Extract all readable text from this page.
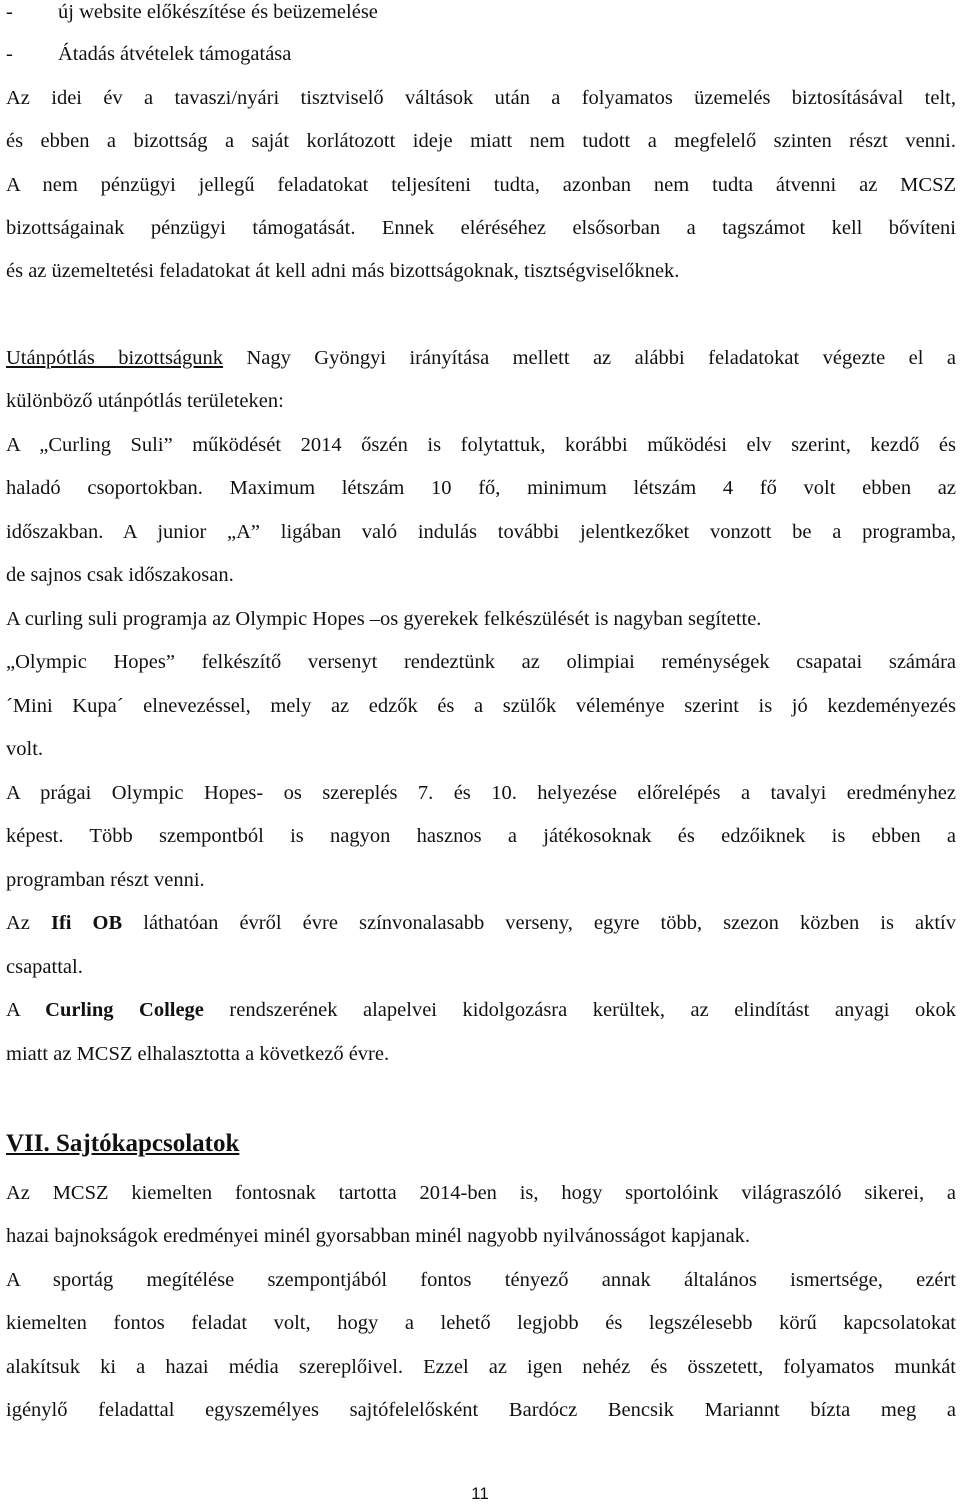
- új website előkészítése és beüzemelése
- Átadás átvételek támogatása
Az idei év a tavaszi/nyári tisztviselő váltások után a folyamatos üzemelés biztosításával telt,
és ebben a bizottság a saját korlátozott ideje miatt nem tudott a megfelelő szinten részt venni.
A nem pénzügyi jellegű feladatokat teljesíteni tudta, azonban nem tudta átvenni az MCSZ
bizottságainak pénzügyi támogatását. Ennek eléréséhez elsősorban a tagszámot kell bővíteni
és az üzemeltetési feladatokat át kell adni más bizottságoknak, tisztségviselőknek.
Utánpótlás bizottságunk Nagy Gyöngyi irányítása mellett az alábbi feladatokat végezte el a
különböző utánpótlás területeken:
A „Curling Suli” működését 2014 őszén is folytattuk, korábbi működési elv szerint, kezdő és
haladó csoportokban. Maximum létszám 10 fő, minimum létszám 4 fő volt ebben az
időszakban. A junior „A” ligában való indulás további jelentkezőket vonzott be a programba,
de sajnos csak időszakosan.
A curling suli programja az Olympic Hopes –os gyerekek felkészülését is nagyban segítette.
„Olympic Hopes” felkészítő versenyt rendeztünk az olimpiai reménységek csapatai számára
´Mini Kupa´ elnevezéssel, mely az edzők és a szülők véleménye szerint is jó kezdeményezés
volt.
A prágai Olympic Hopes- os szereplés 7. és 10. helyezése előrelépés a tavalyi eredményhez
képest. Több szempontból is nagyon hasznos a játékosoknak és edzőiknek is ebben a
programban részt venni.
Az Ifi OB láthatóan évről évre színvonalasabb verseny, egyre több, szezon közben is aktív
csapattal.
A Curling College rendszerének alapelvei kidolgozásra kerültek, az elindítást anyagi okok
miatt az MCSZ elhalasztotta a következő évre.
VII. Sajtókapcsolatok
Az MCSZ kiemelten fontosnak tartotta 2014-ben is, hogy sportolóink világraszóló sikerei, a
hazai bajnokságok eredményei minél gyorsabban minél nagyobb nyilvánosságot kapjanak.
A sportág megítélése szempontjából fontos tényező annak általános ismertsége, ezért
kiemelten fontos feladat volt, hogy a lehető legjobb és legszélesebb körű kapcsolatokat
alakítsuk ki a hazai média szereplőivel. Ezzel az igen nehéz és összetett, folyamatos munkát
igénylő feladattal egyszemélyes sajtófelelősként Bardócz Bencsik Mariannt bízta meg a
11
